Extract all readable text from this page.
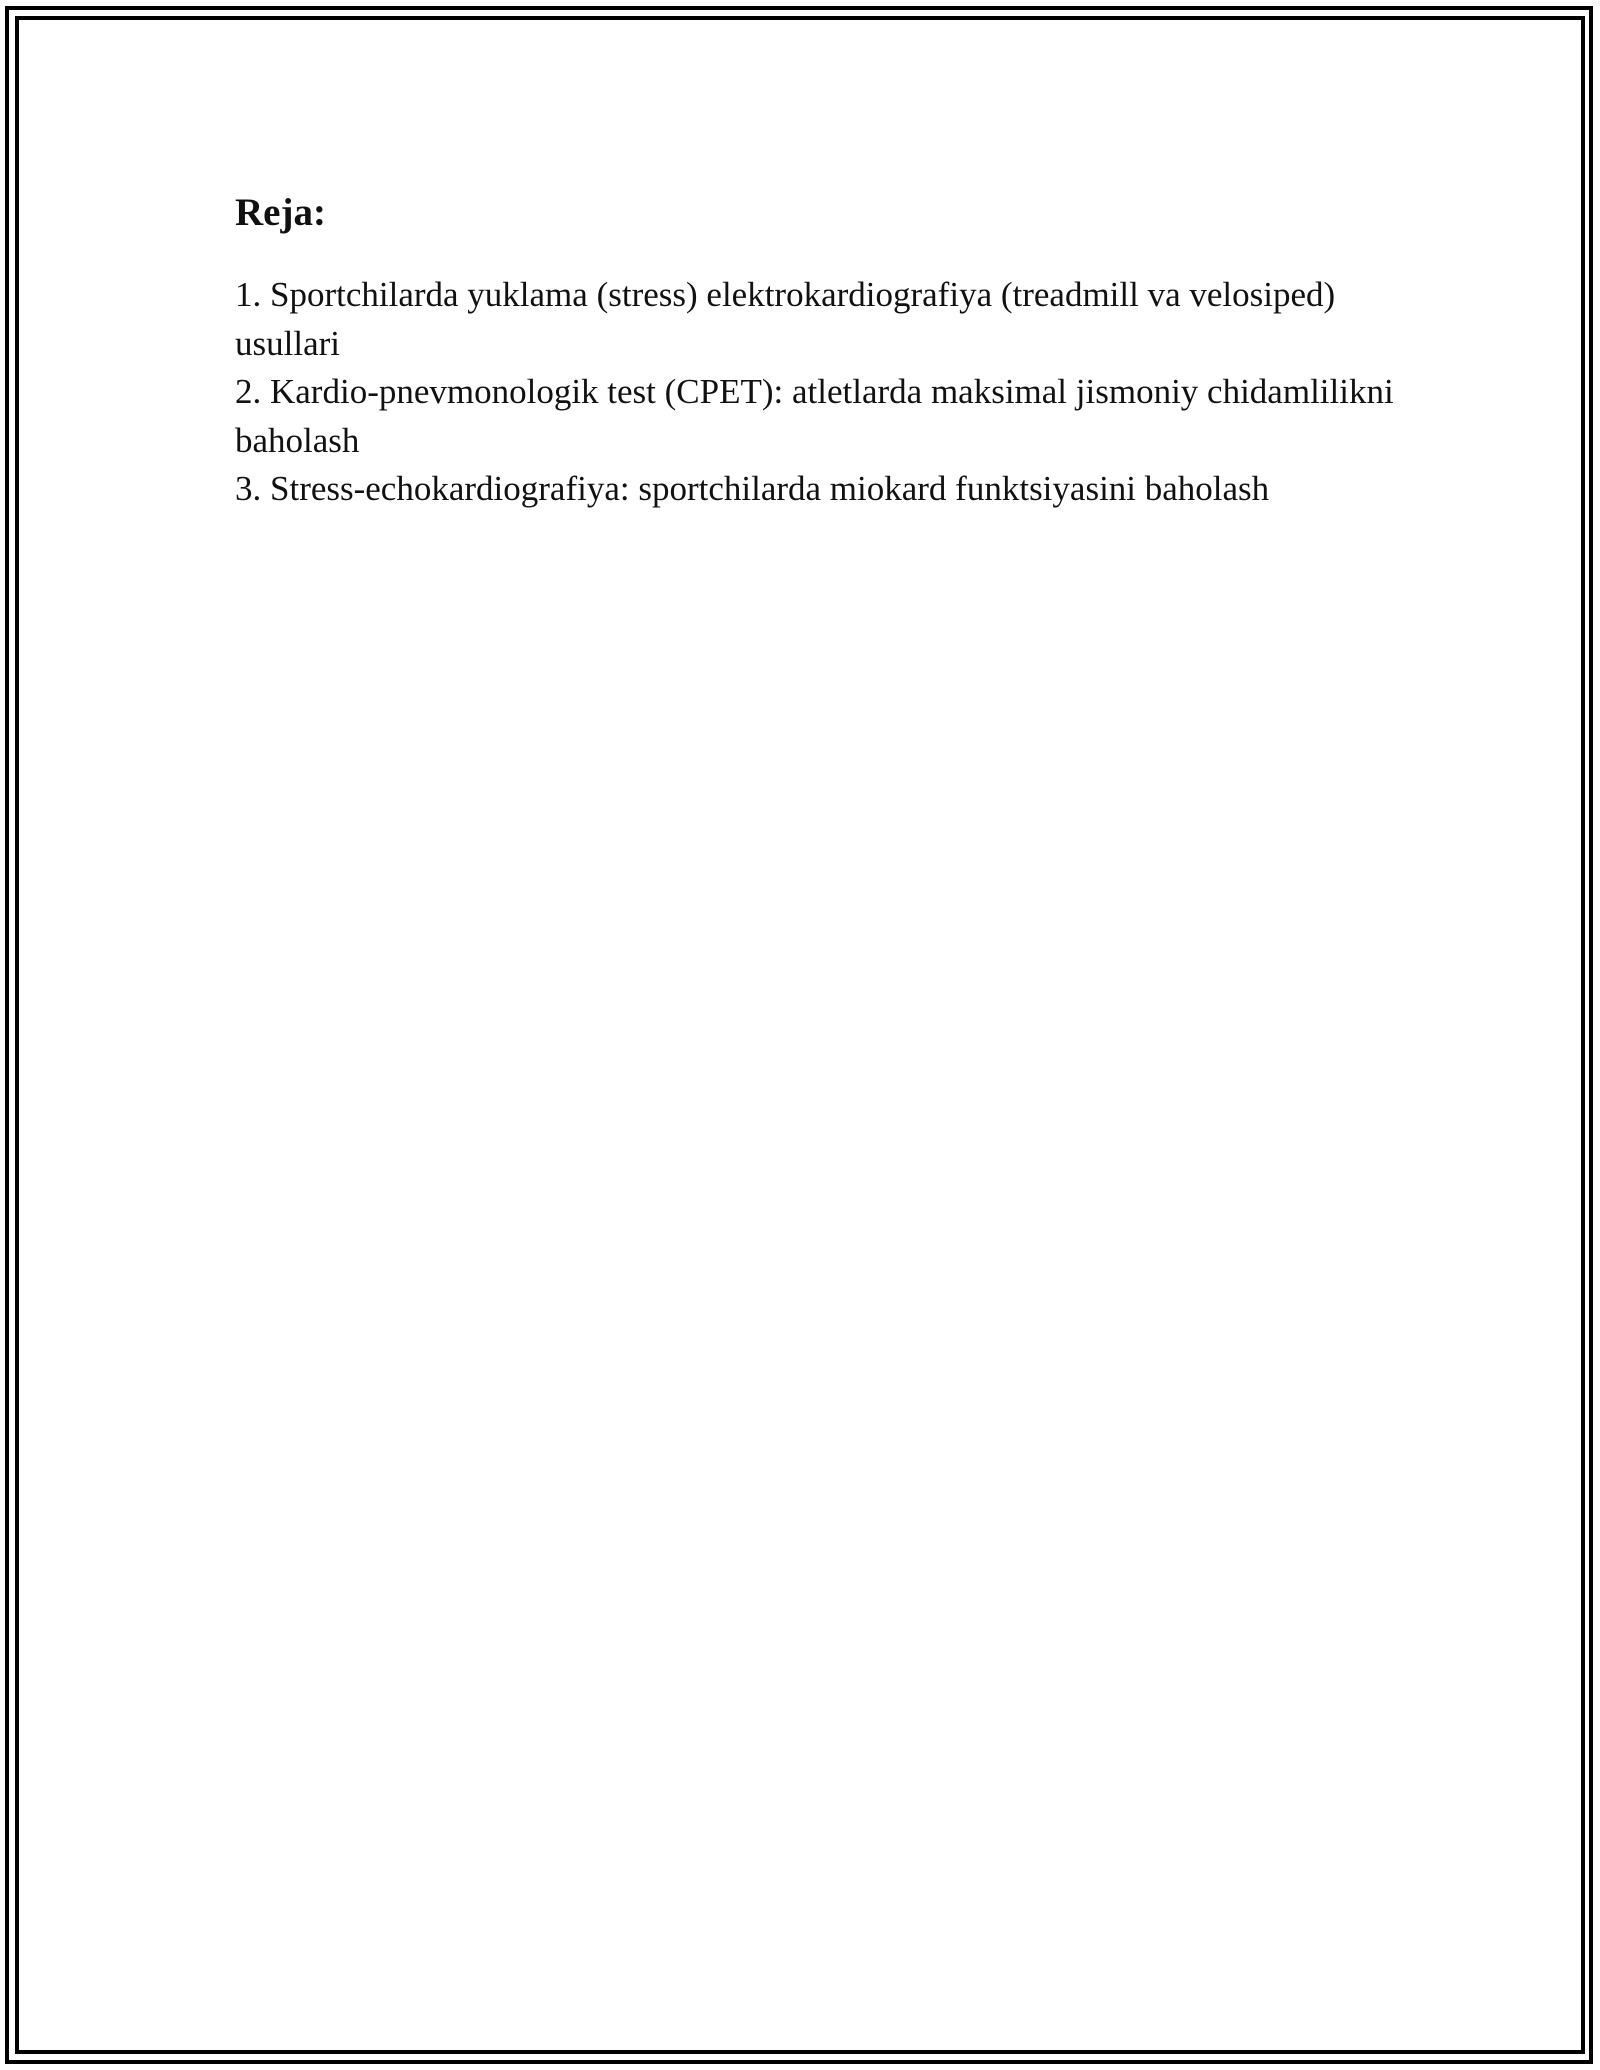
Reja:

1. Sportchilarda yuklama (stress) elektrokardiografiya (treadmill va velosiped) usullari

2. Kardio-pnevmonologik test (CPET): atletlarda maksimal jismoniy chidamlilikni baholash

3. Stress-echokardiografiya: sportchilarda miokard funktsiyasini baholash
